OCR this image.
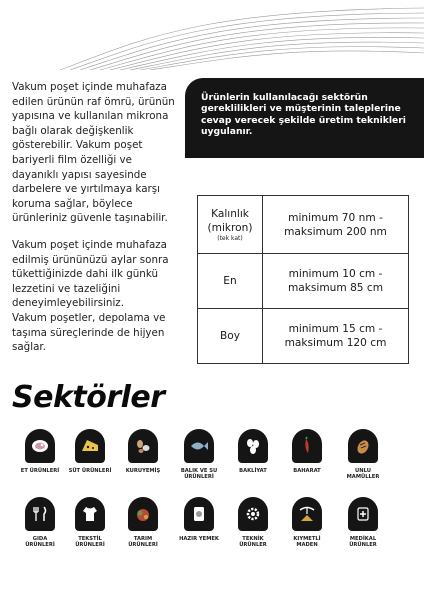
Vakum poşet içinde muhafaza edilen ürünün raf ömrü, ürünün yapısına ve kullanılan mikrona bağlı olarak değişkenlik gösterebilir. Vakum poşet bariyerli film özelliği ve dayanıklı yapısı sayesinde darbelere ve yırtılmaya karşı koruma sağlar, böylece ürünleriniz güvenle taşınabilir.

Vakum poşet içinde muhafaza edilmiş ürününüzü aylar sonra tükettiğinizde dahi ilk günkü lezzetini ve tazeliğini deneyimleyebilirsiniz.

Vakum poşetler, depolama ve taşıma süreçlerinde de hijyen sağlar.

Ürünlerin kullanılacağı sektörün gereklilikleri ve müşterinin taleplerine cevap verecek şekilde üretim teknikleri uygulanır.
Kalınlık (mikron)
(tek kat)	minimum 70 nm - maksimum 200 nm
En	minimum 10 cm - maksimum 85 cm
Boy	minimum 15 cm - maksimum 120 cm
Sektörler
ET ÜRÜNLERİ	SÜT ÜRÜNLERİ	KURUYEMİŞ	BALIK VE SU
ÜRÜNLERİ
BAKLİYAT	BAHARAT	UNLU
MAMÜLLER
GIDA
ÜRÜNLERİ
TEKSTİL
ÜRÜNLERİ
TARIM
ÜRÜNLERİ
HAZIR YEMEK	TEKNİK
ÜRÜNLER
KIYMETLİ
MADEN
MEDİKAL
ÜRÜNLER
